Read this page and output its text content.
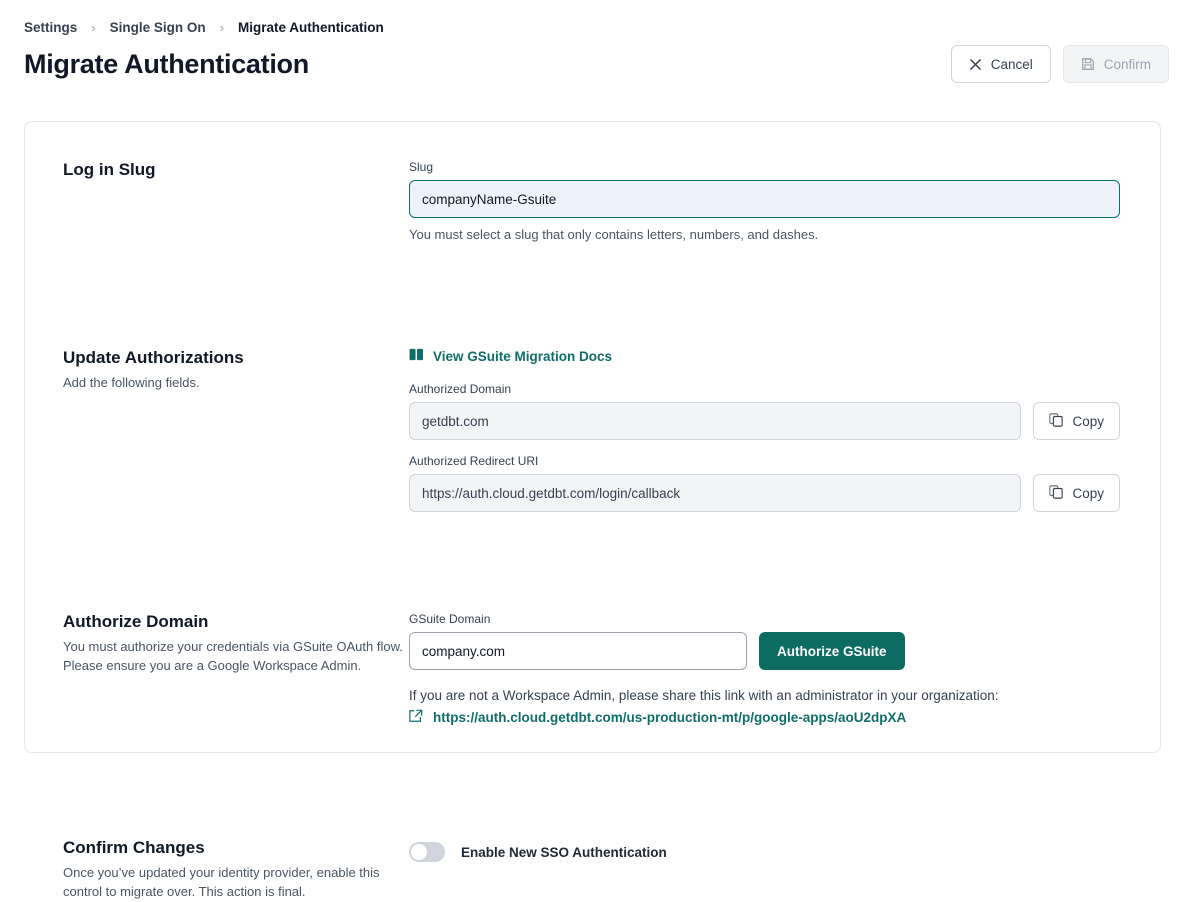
Settings › Single Sign On › Migrate Authentication
Migrate Authentication	Cancel	Confirm
Log in Slug	Slug
companyName-Gsuite
You must select a slug that only contains letters, numbers, and dashes.
Update Authorizations

Add the following fields.

View GSuite Migration Docs
Authorized Domain
getdbt.com
Copy
Authorized Redirect URI
https://auth.cloud.getdbt.com/login/callback
Copy
Authorize Domain

You must authorize your credentials via GSuite OAuth flow.

Please ensure you are a Google Workspace Admin.

GSuite Domain
company.com
Authorize GSuite
If you are not a Workspace Admin, please share this link with an administrator in your organization:
https://auth.cloud.getdbt.com/us-production-mt/p/google-apps/aoU2dpXA
Confirm Changes

Once you’ve updated your identity provider, enable this

control to migrate over. This action is final.

Enable New SSO Authentication
